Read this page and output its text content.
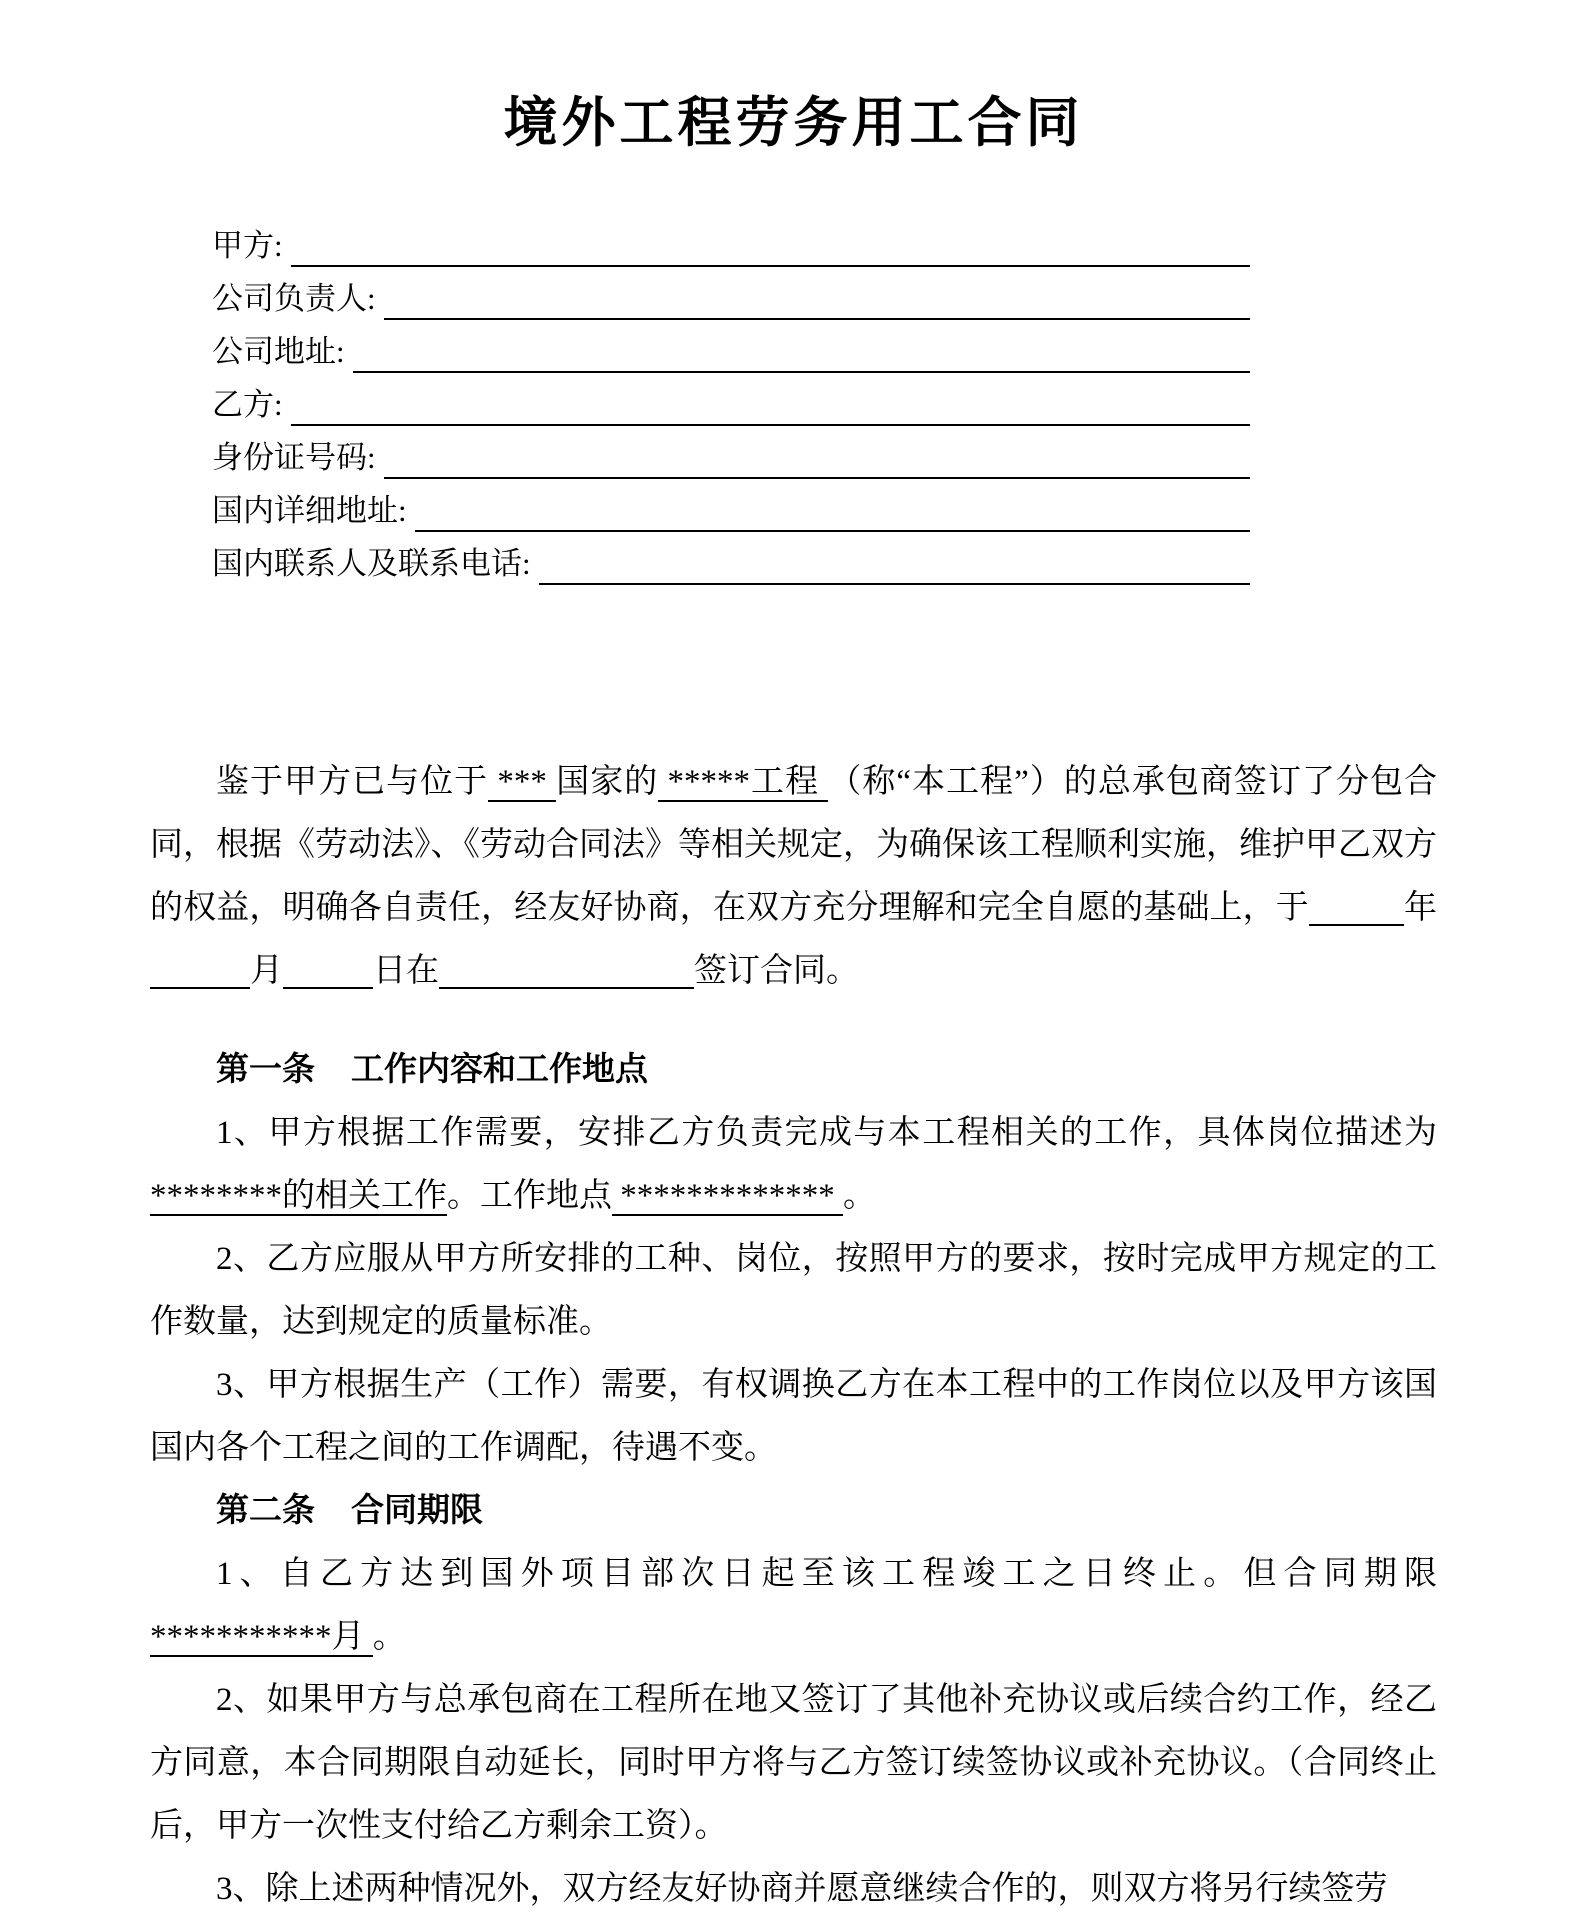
境外工程劳务用工合同
甲方:
公司负责人:
公司地址:
乙方:
身份证号码:
国内详细地址:
国内联系人及联系电话:

鉴于甲方已与位于 *** 国家的 *****工程 （称“本工程”）的总承包商签订了分包合同，根据《劳动法》、《劳动合同法》等相关规定，为确保该工程顺利实施，维护甲乙双方的权益，明确各自责任，经友好协商，在双方充分理解和完全自愿的基础上，于	年月	日在	签订合同。

第一条 工作内容和工作地点

1、甲方根据工作需要，安排乙方负责完成与本工程相关的工作，具体岗位描述为********的相关工作。工作地点 ************* 。

2、乙方应服从甲方所安排的工种、岗位，按照甲方的要求，按时完成甲方规定的工作数量，达到规定的质量标准。

3、甲方根据生产（工作）需要，有权调换乙方在本工程中的工作岗位以及甲方该国国内各个工程之间的工作调配，待遇不变。

第二条 合同期限

1、自乙方达到国外项目部次日起至该工程竣工之日终止。但合同期限

***********月 。

2、如果甲方与总承包商在工程所在地又签订了其他补充协议或后续合约工作，经乙方同意，本合同期限自动延长，同时甲方将与乙方签订续签协议或补充协议。（合同终止后，甲方一次性支付给乙方剩余工资）。

3、除上述两种情况外，双方经友好协商并愿意继续合作的，则双方将另行续签劳
